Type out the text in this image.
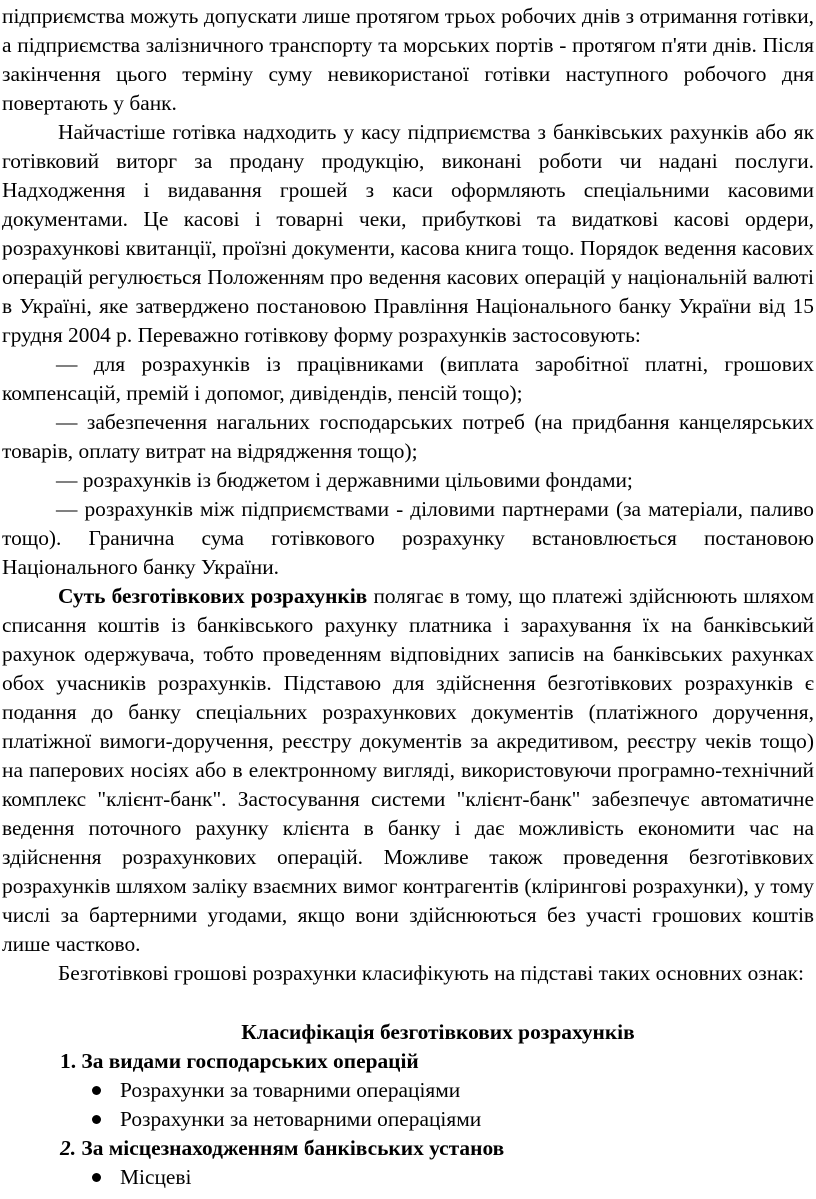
підприємства можуть допускати лише протягом трьох робочих днів з отримання готівки, а підприємства залізничного транспорту та морських портів - протягом п'яти днів. Після закінчення цього терміну суму невикористаної готівки наступного робочого дня повертають у банк.

Найчастіше готівка надходить у касу підприємства з банківських рахунків або як готівковий виторг за продану продукцію, виконані роботи чи надані послуги. Надходження і видавання грошей з каси оформляють спеціальними касовими документами. Це касові і товарні чеки, прибуткові та видаткові касові ордери, розрахункові квитанції, проїзні документи, касова книга тощо. Порядок ведення касових операцій регулюється Положенням про ведення касових операцій у національній валюті в Україні, яке затверджено постановою Правління Національного банку України від 15 грудня 2004 р. Переважно готівкову форму розрахунків застосовують:

— для розрахунків із працівниками (виплата заробітної платні, грошових компенсацій, премій і допомог, дивідендів, пенсій тощо);

— забезпечення нагальних господарських потреб (на придбання канцелярських товарів, оплату витрат на відрядження тощо);

— розрахунків із бюджетом і державними цільовими фондами;

— розрахунків між підприємствами - діловими партнерами (за матеріали, паливо тощо). Гранична сума готівкового розрахунку встановлюється постановою Національного банку України.

Суть безготівкових розрахунків полягає в тому, що платежі здійснюють шляхом списання коштів із банківського рахунку платника і зарахування їх на банківський рахунок одержувача, тобто проведенням відповідних записів на банківських рахунках обох учасників розрахунків. Підставою для здійснення безготівкових розрахунків є подання до банку спеціальних розрахункових документів (платіжного доручення, платіжної вимоги-доручення, реєстру документів за акредитивом, реєстру чеків тощо) на паперових носіях або в електронному вигляді, використовуючи програмно-технічний комплекс "клієнт-банк". Застосування системи "клієнт-банк" забезпечує автоматичне ведення поточного рахунку клієнта в банку і дає можливість економити час на здійснення розрахункових операцій. Можливе також проведення безготівкових розрахунків шляхом заліку взаємних вимог контрагентів (клірингові розрахунки), у тому числі за бартерними угодами, якщо вони здійснюються без участі грошових коштів лише частково.

Безготівкові грошові розрахунки класифікують на підставі таких основних ознак:

Класифікація безготівкових розрахунків

1. За видами господарських операцій

Розрахунки за товарними операціями
Розрахунки за нетоварними операціями

2. За місцезнаходженням банківських установ

Місцеві
